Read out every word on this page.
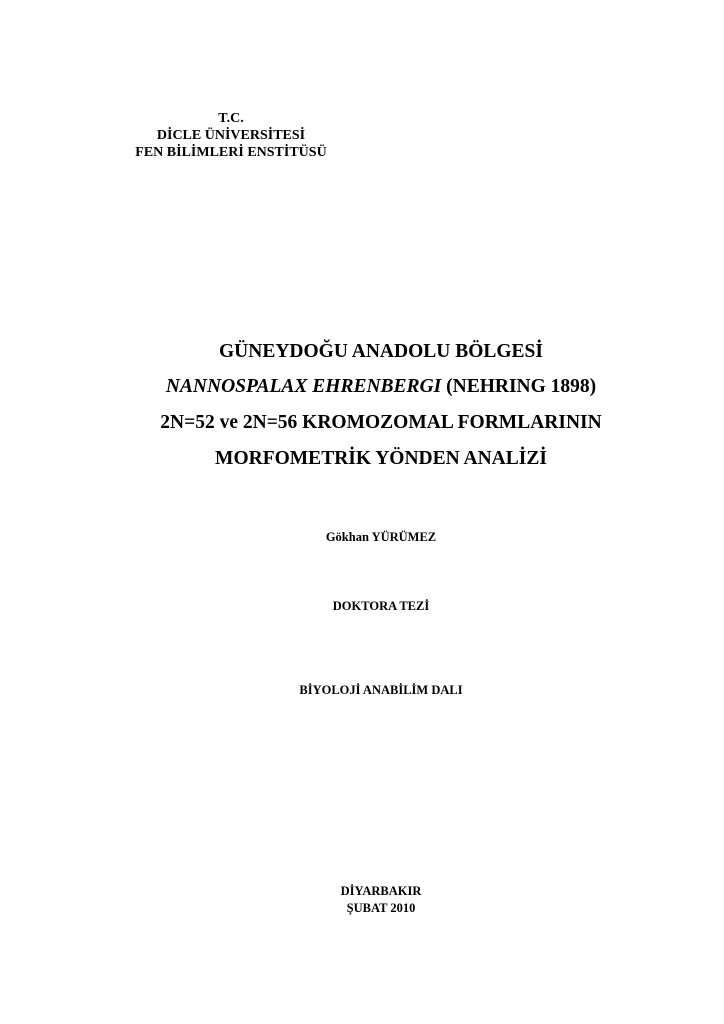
T.C.
DİCLE ÜNİVERSİTESİ
FEN BİLİMLERİ ENSTİTÜSÜ
GÜNEYDOĞU ANADOLU BÖLGESİ
NANNOSPALAX EHRENBERGI (NEHRING 1898)
2N=52 ve 2N=56 KROMOZOMAL FORMLARININ
MORFOMETRİK YÖNDEN ANALİZİ
Gökhan YÜRÜMEZ
DOKTORA TEZİ
BİYOLOJİ ANABİLİM DALI
DİYARBAKIR
ŞUBAT 2010
